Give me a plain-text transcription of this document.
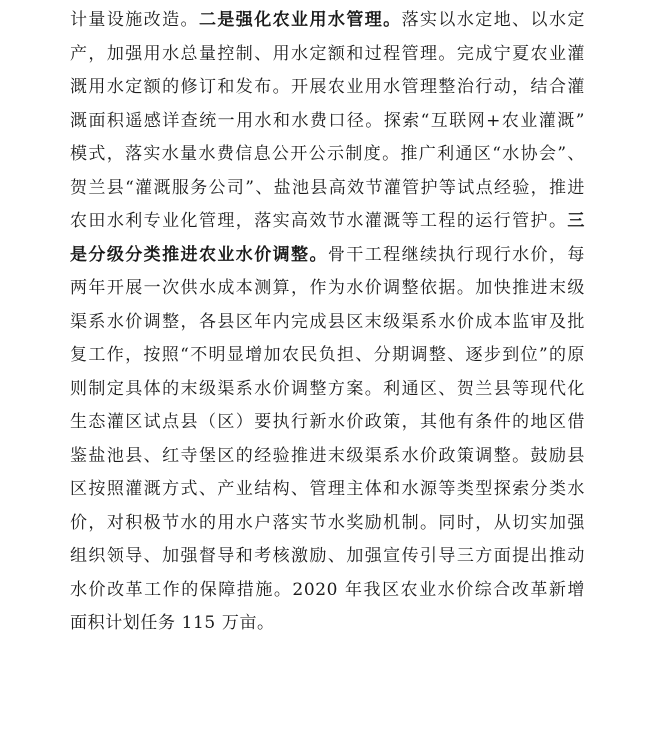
计量设施改造。二是强化农业用水管理。落实以水定地、以水定
产，加强用水总量控制、用水定额和过程管理。完成宁夏农业灌
溉用水定额的修订和发布。开展农业用水管理整治行动，结合灌
溉面积遥感详查统一用水和水费口径。探索“互联网+农业灌溉”
模式，落实水量水费信息公开公示制度。推广利通区“水协会”、
贺兰县“灌溉服务公司”、盐池县高效节灌管护等试点经验，推进
农田水利专业化管理，落实高效节水灌溉等工程的运行管护。三
是分级分类推进农业水价调整。骨干工程继续执行现行水价，每
两年开展一次供水成本测算，作为水价调整依据。加快推进末级
渠系水价调整，各县区年内完成县区末级渠系水价成本监审及批
复工作，按照“不明显增加农民负担、分期调整、逐步到位”的原
则制定具体的末级渠系水价调整方案。利通区、贺兰县等现代化
生态灌区试点县（区）要执行新水价政策，其他有条件的地区借
鉴盐池县、红寺堡区的经验推进末级渠系水价政策调整。鼓励县
区按照灌溉方式、产业结构、管理主体和水源等类型探索分类水
价，对积极节水的用水户落实节水奖励机制。同时，从切实加强
组织领导、加强督导和考核激励、加强宣传引导三方面提出推动
水价改革工作的保障措施。2020 年我区农业水价综合改革新增
面积计划任务 115 万亩。
